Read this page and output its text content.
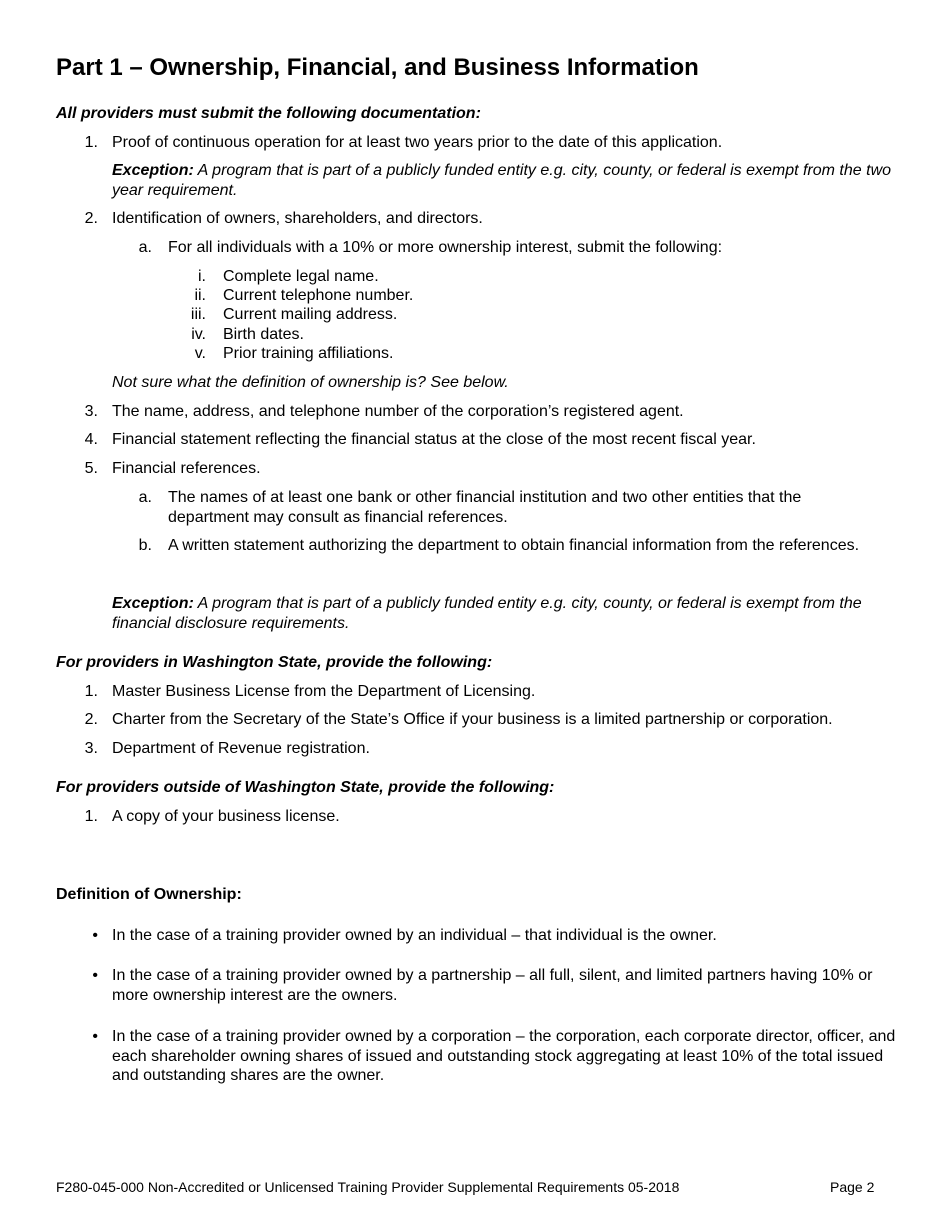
Part 1 – Ownership, Financial, and Business Information
All providers must submit the following documentation:
1. Proof of continuous operation for at least two years prior to the date of this application.
Exception: A program that is part of a publicly funded entity e.g. city, county, or federal is exempt from the two year requirement.
2. Identification of owners, shareholders, and directors.
a. For all individuals with a 10% or more ownership interest, submit the following:
i. Complete legal name.
ii. Current telephone number.
iii. Current mailing address.
iv. Birth dates.
v. Prior training affiliations.
Not sure what the definition of ownership is? See below.
3. The name, address, and telephone number of the corporation’s registered agent.
4. Financial statement reflecting the financial status at the close of the most recent fiscal year.
5. Financial references.
a. The names of at least one bank or other financial institution and two other entities that the department may consult as financial references.
b. A written statement authorizing the department to obtain financial information from the references.
Exception: A program that is part of a publicly funded entity e.g. city, county, or federal is exempt from the financial disclosure requirements.
For providers in Washington State, provide the following:
1. Master Business License from the Department of Licensing.
2. Charter from the Secretary of the State’s Office if your business is a limited partnership or corporation.
3. Department of Revenue registration.
For providers outside of Washington State, provide the following:
1. A copy of your business license.
Definition of Ownership:
• In the case of a training provider owned by an individual – that individual is the owner.
• In the case of a training provider owned by a partnership – all full, silent, and limited partners having 10% or more ownership interest are the owners.
• In the case of a training provider owned by a corporation – the corporation, each corporate director, officer, and each shareholder owning shares of issued and outstanding stock aggregating at least 10% of the total issued and outstanding shares are the owner.
F280-045-000 Non-Accredited or Unlicensed Training Provider Supplemental Requirements 05-2018	Page 2
